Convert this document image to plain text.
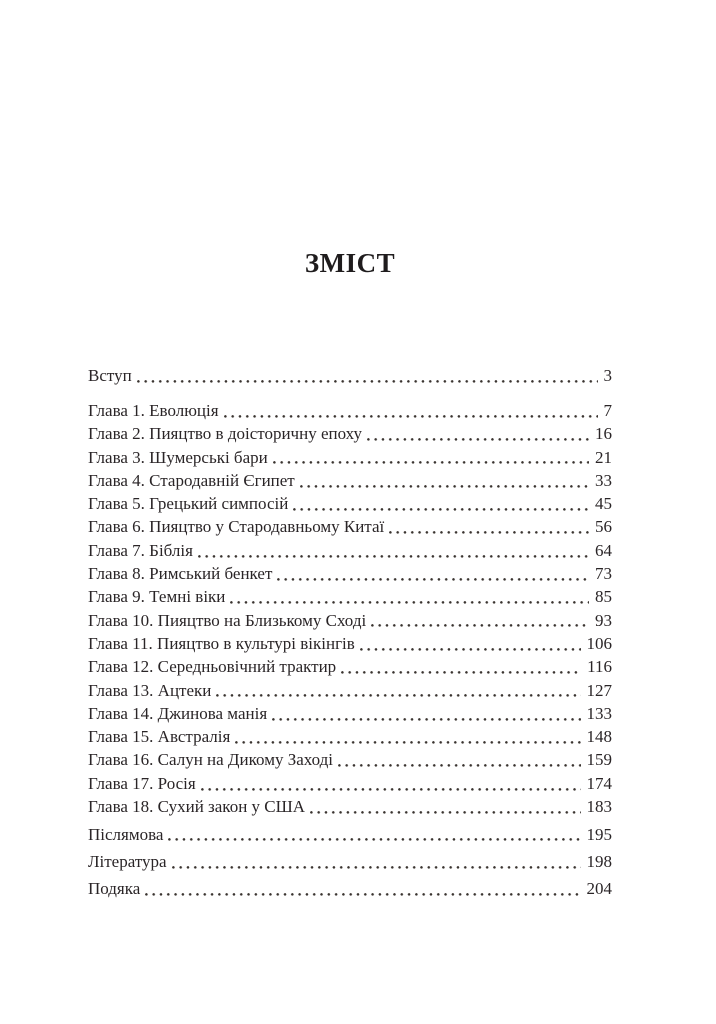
ЗМІСТ
Вступ	3
Глава 1. Еволюція	7
Глава 2. Пияцтво в доісторичну епоху	16
Глава 3. Шумерські бари	21
Глава 4. Стародавній Єгипет	33
Глава 5. Грецький симпосій	45
Глава 6. Пияцтво у Стародавньому Китаї	56
Глава 7. Біблія	64
Глава 8. Римський бенкет	73
Глава 9. Темні віки	85
Глава 10. Пияцтво на Близькому Сході	93
Глава 11. Пияцтво в культурі вікінгів	106
Глава 12. Середньовічний трактир	116
Глава 13. Ацтеки	127
Глава 14. Джинова манія	133
Глава 15. Австралія	148
Глава 16. Салун на Дикому Заході	159
Глава 17. Росія	174
Глава 18. Сухий закон у США	183
Післямова	195
Література	198
Подяка	204
